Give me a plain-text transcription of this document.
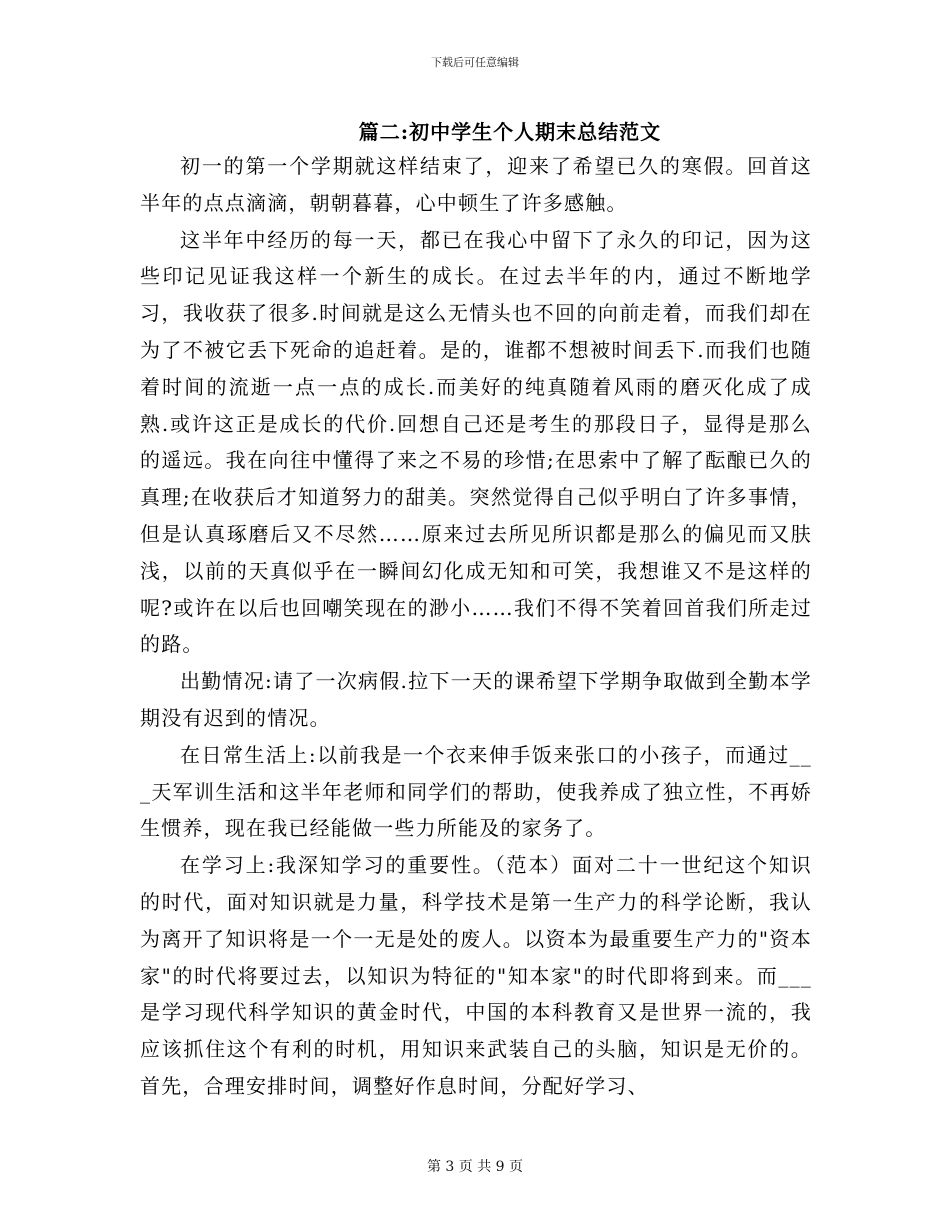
下载后可任意编辑
篇二:初中学生个人期末总结范文

初一的第一个学期就这样结束了，迎来了希望已久的寒假。回首这半年的点点滴滴，朝朝暮暮，心中顿生了许多感触。

这半年中经历的每一天，都已在我心中留下了永久的印记，因为这些印记见证我这样一个新生的成长。在过去半年的内，通过不断地学习，我收获了很多.时间就是这么无情头也不回的向前走着，而我们却在为了不被它丢下死命的追赶着。是的，谁都不想被时间丢下.而我们也随着时间的流逝一点一点的成长.而美好的纯真随着风雨的磨灭化成了成熟.或许这正是成长的代价.回想自己还是考生的那段日子，显得是那么的遥远。我在向往中懂得了来之不易的珍惜;在思索中了解了酝酿已久的真理;在收获后才知道努力的甜美。突然觉得自己似乎明白了许多事情，但是认真琢磨后又不尽然……原来过去所见所识都是那么的偏见而又肤浅，以前的天真似乎在一瞬间幻化成无知和可笑，我想谁又不是这样的呢?或许在以后也回嘲笑现在的渺小……我们不得不笑着回首我们所走过的路。

出勤情况:请了一次病假.拉下一天的课希望下学期争取做到全勤本学期没有迟到的情况。

在日常生活上:以前我是一个衣来伸手饭来张口的小孩子，而通过___天军训生活和这半年老师和同学们的帮助，使我养成了独立性，不再娇生惯养，现在我已经能做一些力所能及的家务了。

在学习上:我深知学习的重要性。（范本）面对二十一世纪这个知识的时代，面对知识就是力量，科学技术是第一生产力的科学论断，我认为离开了知识将是一个一无是处的废人。以资本为最重要生产力的"资本家"的时代将要过去，以知识为特征的"知本家"的时代即将到来。而___是学习现代科学知识的黄金时代，中国的本科教育又是世界一流的，我应该抓住这个有利的时机，用知识来武装自己的头脑，知识是无价的。首先，合理安排时间，调整好作息时间，分配好学习、

第 3 页 共 9 页
